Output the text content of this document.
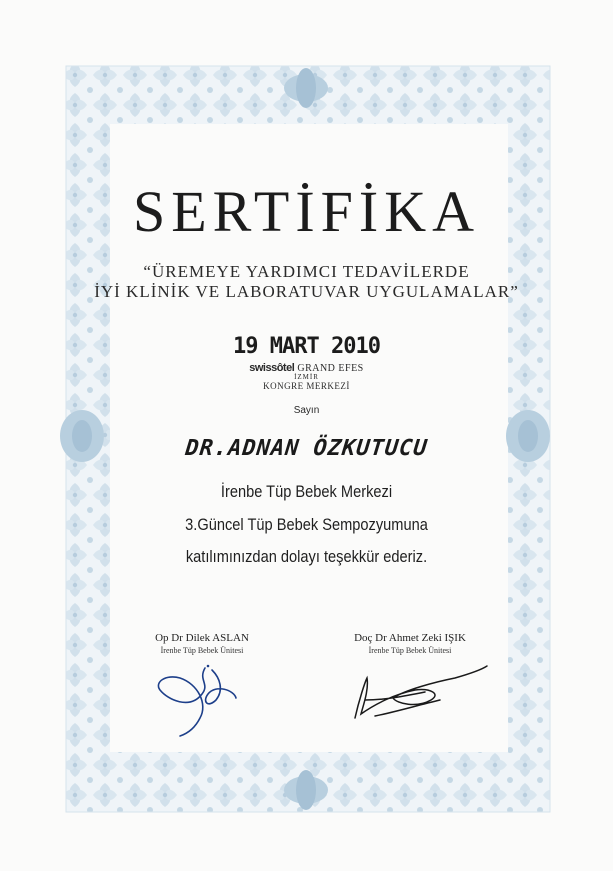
SERTİFİKA
“ÜREMEYE YARDIMCI TEDAVİLERDE
İYİ KLİNİK VE LABORATUVAR UYGULAMALAR”
19 MART 2010
swissôtel GRAND EFES
İZMİR
KONGRE MERKEZİ
Sayın
DR.ADNAN ÖZKUTUCU
İrenbe Tüp Bebek Merkezi
3.Güncel Tüp Bebek Sempozyumuna
katılımınızdan dolayı teşekkür ederiz.
Op Dr Dilek ASLAN
İrenbe Tüp Bebek Ünitesi
Doç Dr Ahmet Zeki IŞIK
İrenbe Tüp Bebek Ünitesi
